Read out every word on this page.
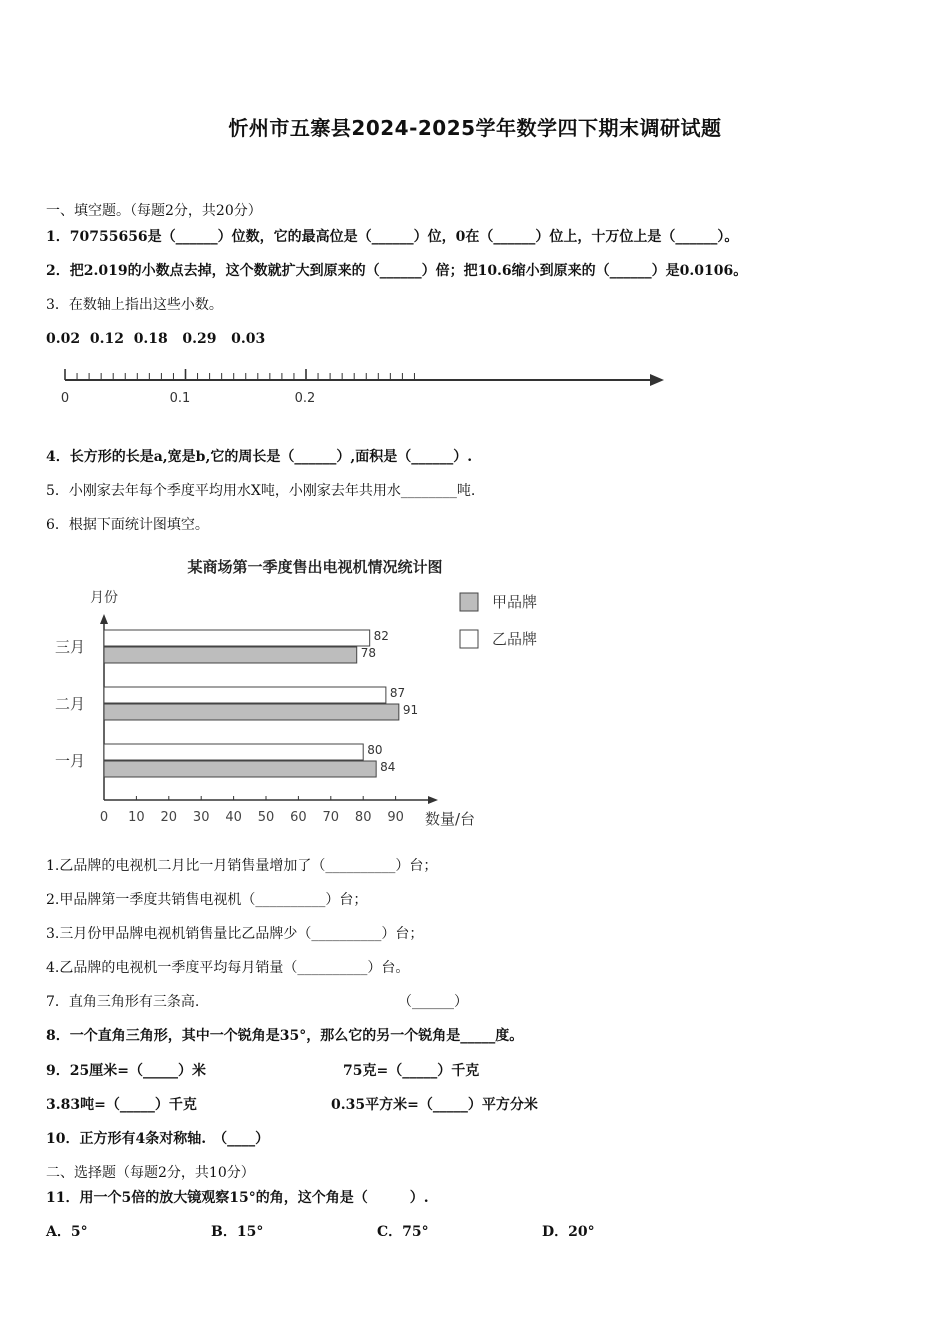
忻州市五寨县2024-2025学年数学四下期末调研试题
一、填空题。（每题2分，共20分）
1．70755656是（______）位数，它的最高位是（______）位，0在（______）位上，十万位上是（______）。
2．把2.019的小数点去掉，这个数就扩大到原来的（______）倍；把10.6缩小到原来的（______）是0.0106。
3．在数轴上指出这些小数。
0.02  0.12  0.18   0.29   0.03
0	0.1	0.2
4．长方形的长是a,宽是b,它的周长是（______）,面积是（______）.
5．小刚家去年每个季度平均用水X吨，小刚家去年共用水________吨.
6．根据下面统计图填空。
某商场第一季度售出电视机情况统计图
月份
数量/台
甲品牌
乙品牌
0 10 20 30 40 50 60 70 80 90
三月
82
78
二月
87
91
一月
80
84
1.乙品牌的电视机二月比一月销售量增加了（__________）台；
2.甲品牌第一季度共销售电视机（__________）台；
3.三月份甲品牌电视机销售量比乙品牌少（__________）台；
4.乙品牌的电视机一季度平均每月销量（__________）台。
7．直角三角形有三条高.	（______）
8．一个直角三角形，其中一个锐角是35°，那么它的另一个锐角是_____度。
9．25厘米=（_____）米	75克=（_____）千克
3.83吨=（_____）千克	0.35平方米=（_____）平方分米
10．正方形有4条对称轴.　（____）
二、选择题（每题2分，共10分）
11．用一个5倍的放大镜观察15°的角，这个角是（　　　）.
A．5°	B．15°	C．75°	D．20°
